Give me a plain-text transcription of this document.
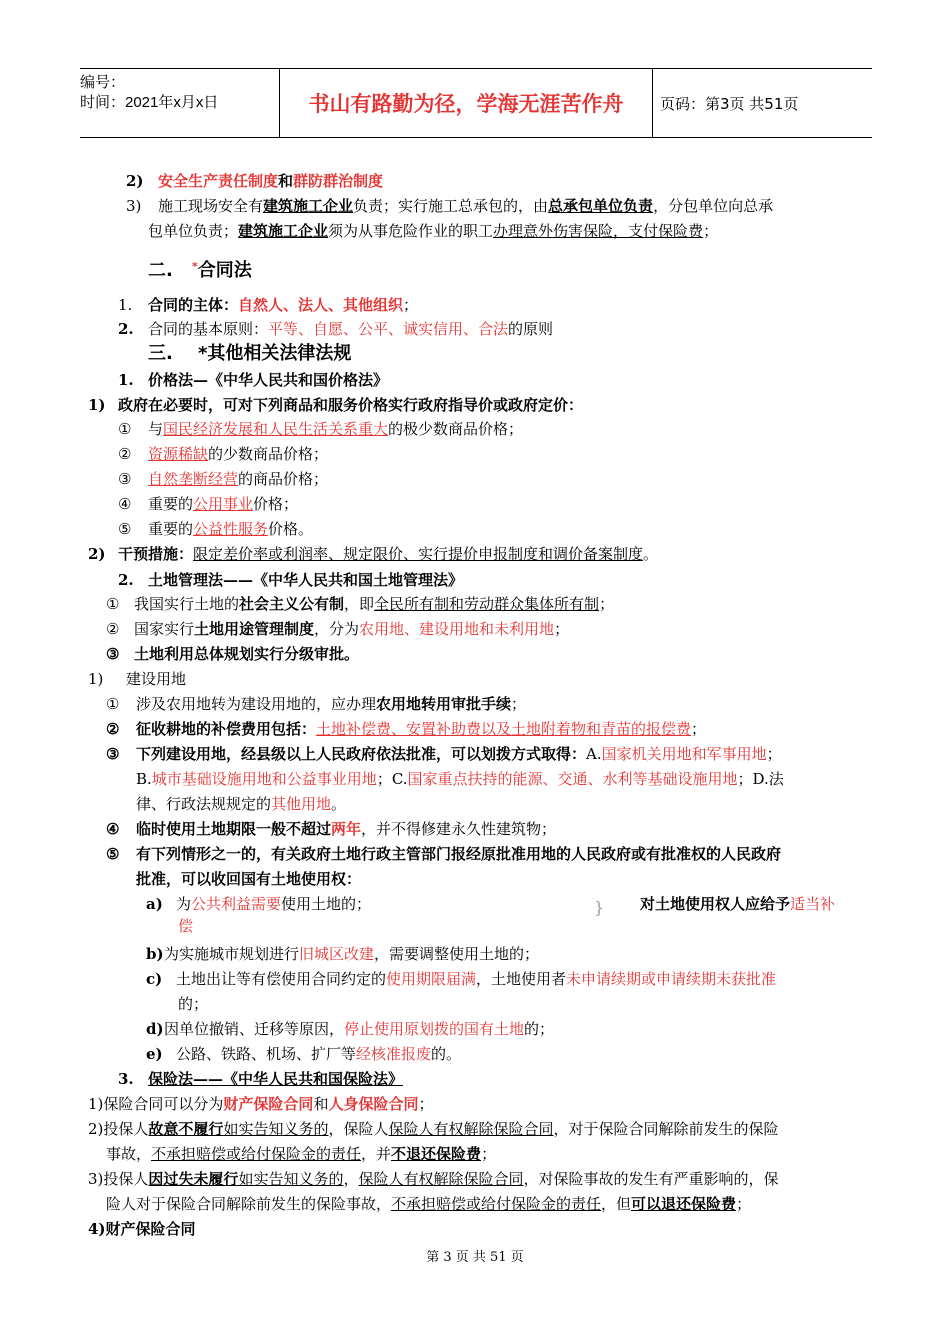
编号：
时间：2021年x月x日	书山有路勤为径，学海无涯苦作舟 页码：第3页 共51页
2) 安全生产责任制度和群防群治制度
3) 施工现场安全有建筑施工企业负责；实行施工总承包的，由总承包单位负责，分包单位向总承
包单位负责；建筑施工企业须为从事危险作业的职工办理意外伤害保险，支付保险费；
二. *合同法
1. 合同的主体：自然人、法人、其他组织；
2. 合同的基本原则：平等、自愿、公平、诚实信用、合法的原则
三. *其他相关法律法规
1. 价格法—《中华人民共和国价格法》
1) 政府在必要时，可对下列商品和服务价格实行政府指导价或政府定价：
① 与国民经济发展和人民生活关系重大的极少数商品价格；
② 资源稀缺的少数商品价格；
③ 自然垄断经营的商品价格；
④ 重要的公用事业价格；
⑤ 重要的公益性服务价格。
2) 干预措施：限定差价率或利润率、规定限价、实行提价申报制度和调价备案制度。
2. 土地管理法——《中华人民共和国土地管理法》
① 我国实行土地的社会主义公有制，即全民所有制和劳动群众集体所有制；
② 国家实行土地用途管理制度，分为农用地、建设用地和未利用地；
③ 土地利用总体规划实行分级审批。
1) 建设用地
① 涉及农用地转为建设用地的，应办理农用地转用审批手续；
② 征收耕地的补偿费用包括：土地补偿费、安置补助费以及土地附着物和青苗的报偿费；
③ 下列建设用地，经县级以上人民政府依法批准，可以划拨方式取得：A.国家机关用地和军事用地；
B.城市基础设施用地和公益事业用地；C.国家重点扶持的能源、交通、水利等基础设施用地；D.法
律、行政法规规定的其他用地。
④ 临时使用土地期限一般不超过两年，并不得修建永久性建筑物；
⑤ 有下列情形之一的，有关政府土地行政主管部门报经原批准用地的人民政府或有批准权的人民政府
批准，可以收回国有土地使用权：
a) 为公共利益需要使用土地的；	对土地使用权人应给予适当补
偿
b)为实施城市规划进行旧城区改建，需要调整使用土地的；
c) 土地出让等有偿使用合同约定的使用期限届满，土地使用者未申请续期或申请续期未获批准
的；
d)因单位撤销、迁移等原因，停止使用原划拨的国有土地的；
e) 公路、铁路、机场、扩厂等经核准报废的。
3. 保险法——《中华人民共和国保险法》
1)保险合同可以分为财产保险合同和人身保险合同；
2)投保人故意不履行如实告知义务的，保险人保险人有权解除保险合同，对于保险合同解除前发生的保险
事故，不承担赔偿或给付保险金的责任，并不退还保险费；
3)投保人因过失未履行如实告知义务的，保险人有权解除保险合同，对保险事故的发生有严重影响的，保
险人对于保险合同解除前发生的保险事故，不承担赔偿或给付保险金的责任，但可以退还保险费；
4)财产保险合同
}
第 3 页 共 51 页
